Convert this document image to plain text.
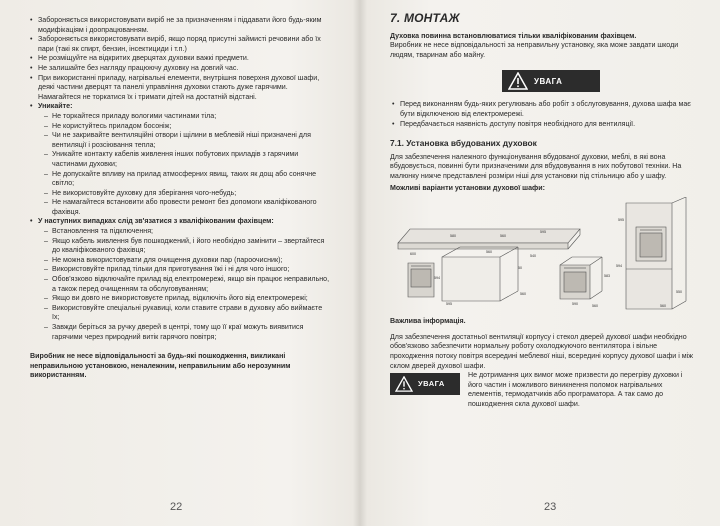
• Забороняється використовувати виріб не за призначенням і піддавати його будь-яким модифікаціям і доопрацюванням.
• Забороняється використовувати виріб, якщо поряд присутні займисті речовини або їх пари (такі як спирт, бензин, інсектициди і т.п.)
• Не розміщуйте на відкритих дверцятах духовки важкі предмети.
• Не залишайте без нагляду працюючу духовку на довгий час.
• При використанні приладу, нагрівальні елементи, внутрішня поверхня духової шафи, деякі частини дверцят та панелі управління духовки стають дуже гарячими. Намагайтеся не торкатися їх і тримати дітей на достатній відстані.
• Уникайте:
– Не торкайтеся приладу вологими частинами тіла;
– Не користуйтесь приладом босоніж;
– Чи не закривайте вентиляційні отвори і щілини в меблевій ніші призначені для вентиляції і розсіювання тепла;
– Уникайте контакту кабелів живлення інших побутових приладів з гарячими частинами духовки;
– Не допускайте впливу на прилад атмосферних явищ, таких як дощ або сонячне світло;
– Не використовуйте духовку для зберігання чого-небудь;
– Не намагайтеся встановити або провести ремонт без допомоги кваліфікованого фахівця.
• У наступних випадках слід зв'язатися з кваліфікованим фахівцем:
– Встановлення та підключення;
– Якщо кабель живлення був пошкоджений, і його необхідно замінити – звертайтеся до кваліфікованого фахівця;
– Не можна використовувати для очищення духовки пар (пароочисник);
– Використовуйте прилад тільки для приготування їжі і ні для чого іншого;
– Обов'язково відключайте прилад від електромережі, якщо він працює неправильно, а також перед очищенням та обслуговуванням;
– Якщо ви довго не використовуєте прилад, відключіть його від електромережі;
– Використовуйте спеціальні рукавиці, коли ставите страви в духовку або виймаєте їх;
– Завжди беріться за ручку дверей в центрі, тому що її краї можуть виявитися гарячими через природний витік гарячого повітря;

Виробник не несе відповідальності за будь-які пошкодження, викликані неправильною установкою, неналежним, неправильним або нерозумним використанням.

22
7. МОНТАЖ
Духовка повинна встановлюватися тільки кваліфікованим фахівцем.
Виробник не несе відповідальності за неправильну установку, яка може завдати шкоди людям, тваринам або майну.
УВАГА
• Перед виконанням будь-яких регулювань або робіт з обслуговування, духова шафа має бути відключеною від електромережі.
• Передбачається наявність доступу повітря необхідного для вентиляції.
7.1. Установка вбудованих духовок
Для забезпечення належного функціонування вбудованої духовки, меблі, в які вона вбудовується, повинні бути призначеними для вбудовування в них побутової техніки. На малюнку нижче представлені розміри ніші для установки під стільницю або у шафу.
Можливі варіанти установки духової шафи:
580	560
595
600	560
594
595
50
540
560
590	560
583
595
594
550
560
Важлива інформація.
Для забезпечення достатньої вентиляції корпусу і стекол дверей духової шафи необхідно обов'язково забезпечити нормальну роботу охолоджуючого вентилятора і вільне проходження потоку повітря всередині меблевої ніші, всередині корпусу духової шафи і між склом дверей духової шафи.
УВАГА
Не дотримання цих вимог може призвести до перегріву духовки і його частин і можливого виникнення поломок нагрівальних елементів, термодатчиків або програматора. А так само до пошкодження скла духової шафи.
23
